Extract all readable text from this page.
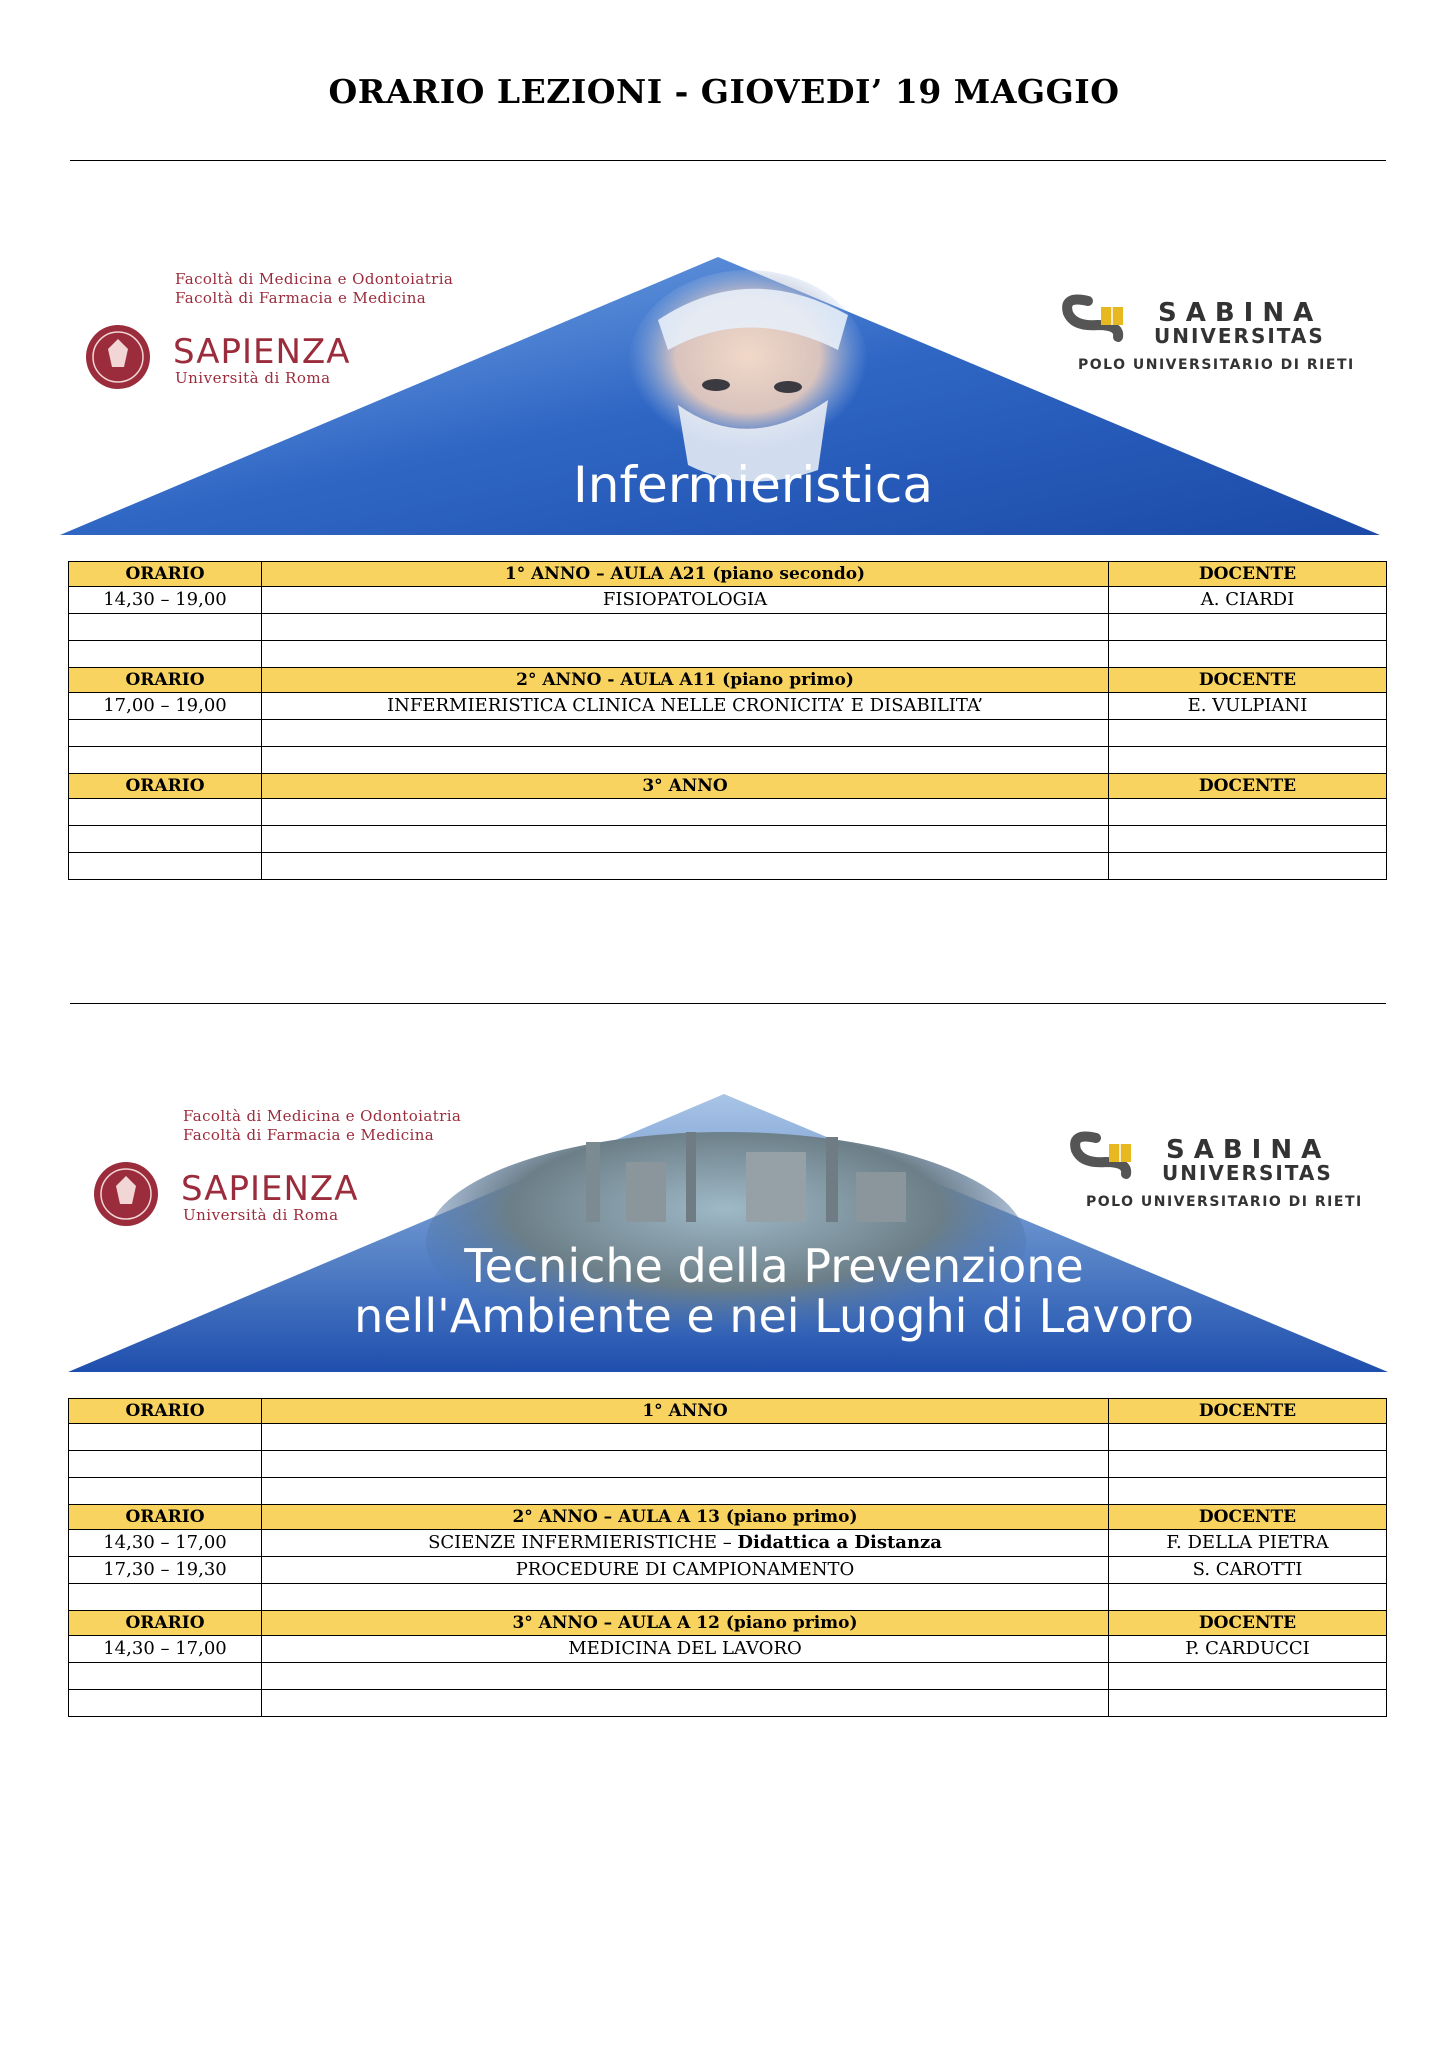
ORARIO LEZIONI - GIOVEDI’ 19 MAGGIO
Infermieristica
Facoltà di Medicina e Odontoiatria
Facoltà di Farmacia e Medicina
SAPIENZA
Università di Roma
SABINA
UNIVERSITAS
POLO UNIVERSITARIO DI RIETI
ORARIO	1° ANNO – AULA A21 (piano secondo)	DOCENTE
14,30 – 19,00	FISIOPATOLOGIA	A. CIARDI

ORARIO	2° ANNO - AULA A11 (piano primo)	DOCENTE
17,00 – 19,00	INFERMIERISTICA CLINICA NELLE CRONICITA’ E DISABILITA’	E. VULPIANI

ORARIO	3° ANNO	DOCENTE

Tecniche della Prevenzione
nell'Ambiente e nei Luoghi di Lavoro
Facoltà di Medicina e Odontoiatria
Facoltà di Farmacia e Medicina
SAPIENZA
Università di Roma
SABINA
UNIVERSITAS
POLO UNIVERSITARIO DI RIETI
ORARIO	1° ANNO	DOCENTE

ORARIO	2° ANNO – AULA A 13 (piano primo)	DOCENTE
14,30 – 17,00	SCIENZE INFERMIERISTICHE – Didattica a Distanza	F. DELLA PIETRA
17,30 – 19,30	PROCEDURE DI CAMPIONAMENTO	S. CAROTTI

ORARIO	3° ANNO – AULA A 12 (piano primo)	DOCENTE
14,30 – 17,00	MEDICINA DEL LAVORO	P. CARDUCCI
